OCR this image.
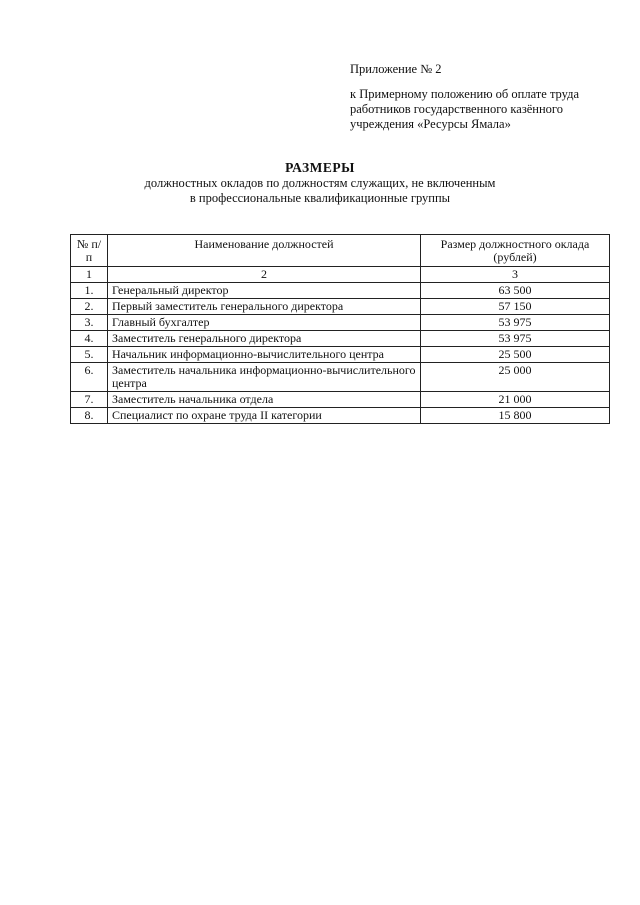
Приложение № 2
к Примерному положению об оплате труда
работников государственного казённого
учреждения «Ресурсы Ямала»
РАЗМЕРЫ
должностных окладов по должностям служащих, не включенным
в профессиональные квалификационные группы
№ п/п	Наименование должностей	Размер должностного оклада (рублей)
1	2	3
1.	Генеральный директор	63 500
2.	Первый заместитель генерального директора	57 150
3.	Главный бухгалтер	53 975
4.	Заместитель генерального директора	53 975
5.	Начальник информационно-вычислительного центра	25 500
6.	Заместитель начальника информационно-вычислительного центра	25 000
7.	Заместитель начальника отдела	21 000
8.	Специалист по охране труда II категории	15 800
